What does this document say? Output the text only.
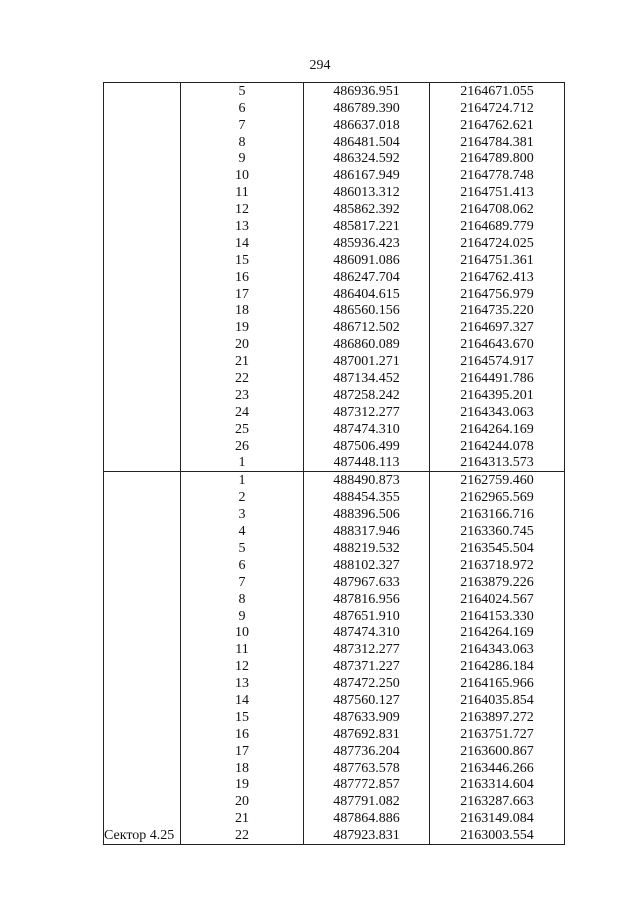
294
	5	486936.951	2164671.055
	6	486789.390	2164724.712
	7	486637.018	2164762.621
	8	486481.504	2164784.381
	9	486324.592	2164789.800
	10	486167.949	2164778.748
	11	486013.312	2164751.413
	12	485862.392	2164708.062
	13	485817.221	2164689.779
	14	485936.423	2164724.025
	15	486091.086	2164751.361
	16	486247.704	2164762.413
	17	486404.615	2164756.979
	18	486560.156	2164735.220
	19	486712.502	2164697.327
	20	486860.089	2164643.670
	21	487001.271	2164574.917
	22	487134.452	2164491.786
	23	487258.242	2164395.201
	24	487312.277	2164343.063
	25	487474.310	2164264.169
	26	487506.499	2164244.078
	1	487448.113	2164313.573
Сектор 4.25	1	488490.873	2162759.460
	2	488454.355	2162965.569
	3	488396.506	2163166.716
	4	488317.946	2163360.745
	5	488219.532	2163545.504
	6	488102.327	2163718.972
	7	487967.633	2163879.226
	8	487816.956	2164024.567
	9	487651.910	2164153.330
	10	487474.310	2164264.169
	11	487312.277	2164343.063
	12	487371.227	2164286.184
	13	487472.250	2164165.966
	14	487560.127	2164035.854
	15	487633.909	2163897.272
	16	487692.831	2163751.727
	17	487736.204	2163600.867
	18	487763.578	2163446.266
	19	487772.857	2163314.604
	20	487791.082	2163287.663
	21	487864.886	2163149.084
	22	487923.831	2163003.554
